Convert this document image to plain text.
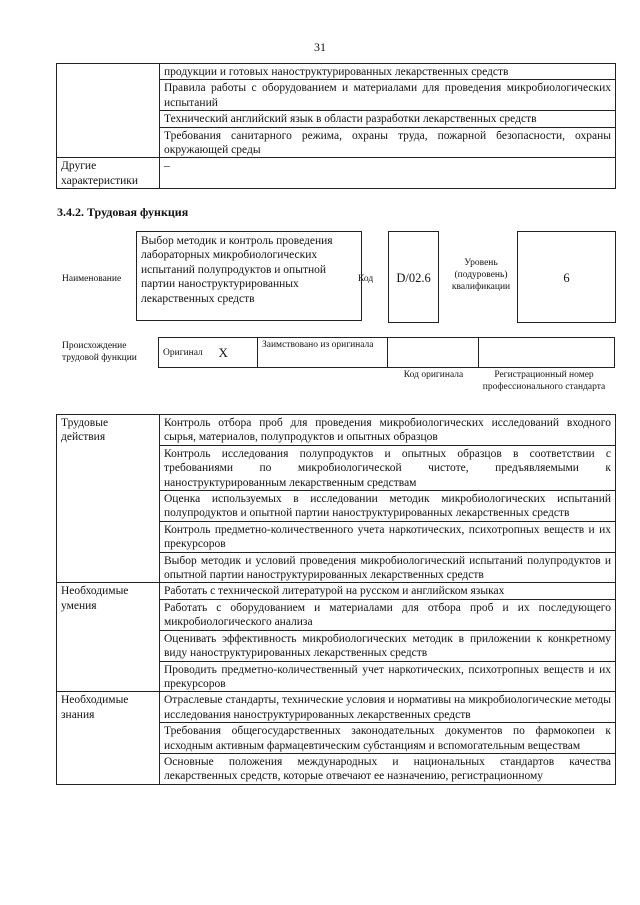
31
	продукции и готовых наноструктурированных лекарственных средств
	Правила работы с оборудованием и материалами для проведения микробиологических испытаний
	Технический английский язык в области разработки лекарственных средств
	Требования санитарного режима, охраны труда, пожарной безопасности, охраны окружающей среды
Другие характеристики	–
3.4.2. Трудовая функция
Наименование
Выбор методик и контроль проведения лабораторных микробиологических испытаний полупродуктов и опытной партии наноструктурированных лекарственных средств
Код	D/02.6
Уровень (подуровень) квалификации
6
Происхождение трудовой функции	Оригинал	X	Заимствовано из оригинала		
Код оригинала	Регистрационный номер профессионального стандарта
Трудовые действия	Контроль отбора проб для проведения микробиологических исследований входного сырья, материалов, полупродуктов и опытных образцов
	Контроль исследования полупродуктов и опытных образцов в соответствии с требованиями по микробиологической чистоте, предъявляемыми к наноструктурированным лекарственным средствам
	Оценка используемых в исследовании методик микробиологических испытаний полупродуктов и опытной партии наноструктурированных лекарственных средств
	Контроль предметно-количественного учета наркотических, психотропных веществ и их прекурсоров
	Выбор методик и условий проведения микробиологический испытаний полупродуктов и опытной партии наноструктурированных лекарственных средств
Необходимые умения	Работать с технической литературой на русском и английском языках
	Работать с оборудованием и материалами для отбора проб и их последующего микробиологического анализа
	Оценивать эффективность микробиологических методик в приложении к конкретному виду наноструктурированных лекарственных средств
	Проводить предметно-количественный учет наркотических, психотропных веществ и их прекурсоров
Необходимые знания	Отраслевые стандарты, технические условия и нормативы на микробиологические методы исследования наноструктурированных лекарственных средств
	Требования общегосударственных законодательных документов по фармокопеи к исходным активным фармацевтическим субстанциям и вспомогательным веществам
	Основные положения международных и национальных стандартов качества лекарственных средств, которые отвечают ее назначению, регистрационному
